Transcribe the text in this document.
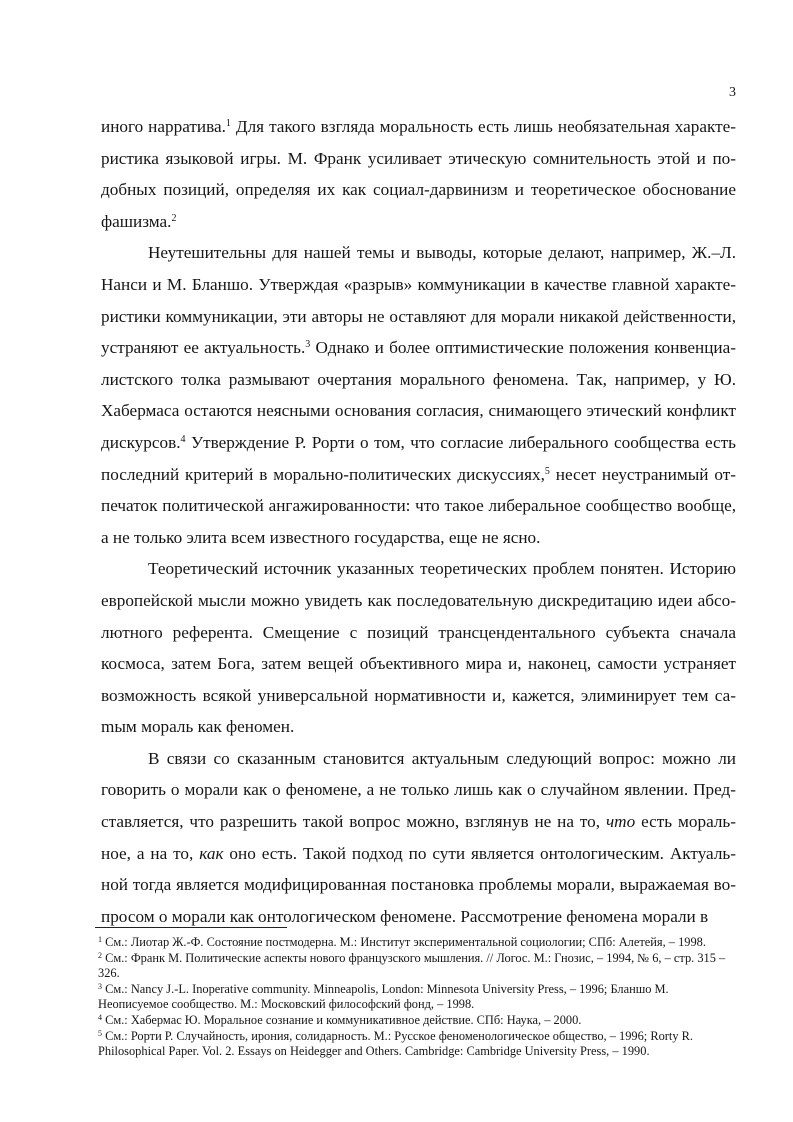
3

иного нарратива.$^1$ Для такого взгляда моральность есть лишь необязательная характеристика языковой игры. М. Франк усиливает этическую сомнительность этой и подобных позиций, определяя их как социал-дарвинизм и теоретическое обоснование фашизма.$^2$

Неутешительны для нашей темы и выводы, которые делают, например, Ж.–Л. Нанси и М. Бланшо. Утверждая «разрыв» коммуникации в качестве главной характеристики коммуникации, эти авторы не оставляют для морали никакой действенности, устраняют ее актуальность.$^3$ Однако и более оптимистические положения конвенциалистского толка размывают очертания морального феномена. Так, например, у Ю. Хабермаса остаются неясными основания согласия, снимающего этический конфликт дискурсов.$^4$ Утверждение Р. Рорти о том, что согласие либерального сообщества есть последний критерий в морально-политических дискуссиях,$^5$ несет неустранимый отпечаток политической ангажированности: что такое либеральное сообщество вообще, а не только элита всем известного государства, еще не ясно.

Теоретический источник указанных теоретических проблем понятен. Историю европейской мысли можно увидеть как последовательную дискредитацию идеи абсолютного референта. Смещение с позиций трансцендентального субъекта сначала космоса, затем Бога, затем вещей объективного мира и, наконец, самости устраняет возможность всякой универсальной нормативности и, кажется, элиминирует тем саmым мораль как феномен.

В связи со сказанным становится актуальным следующий вопрос: можно ли говорить о морали как о феномене, а не только лишь как о случайном явлении. Представляется, что разрешить такой вопрос можно, взглянув не на то, что есть моральное, а на то, как оно есть. Такой подход по сути является онтологическим. Актуальной тогда является модифицированная постановка проблемы морали, выражаемая вопросом о морали как онтологическом феномене. Рассмотрение феномена морали в

$^1$ См.: Лиотар Ж.-Ф. Состояние постмодерна. М.: Институт экспериментальной социологии; СПб: Алетейя, – 1998.

$^2$ См.: Франк М. Политические аспекты нового французского мышления. // Логос. М.: Гнозис, – 1994, № 6, – стр. 315 – 326.

$^3$ См.: Nancy J.-L. Inoperative community. Minneapolis, London: Minnesota University Press, – 1996; Бланшо М. Неописуемое сообщество. М.: Московский философский фонд, – 1998.

$^4$ См.: Хабермас Ю. Моральное сознание и коммуникативное действие. СПб: Наука, – 2000.

$^5$ См.: Рорти Р. Случайность, ирония, солидарность. М.: Русское феноменологическое общество, – 1996; Rorty R. Philosophical Paper. Vol. 2. Essays on Heidegger and Others. Cambridge: Cambridge University Press, – 1990.
